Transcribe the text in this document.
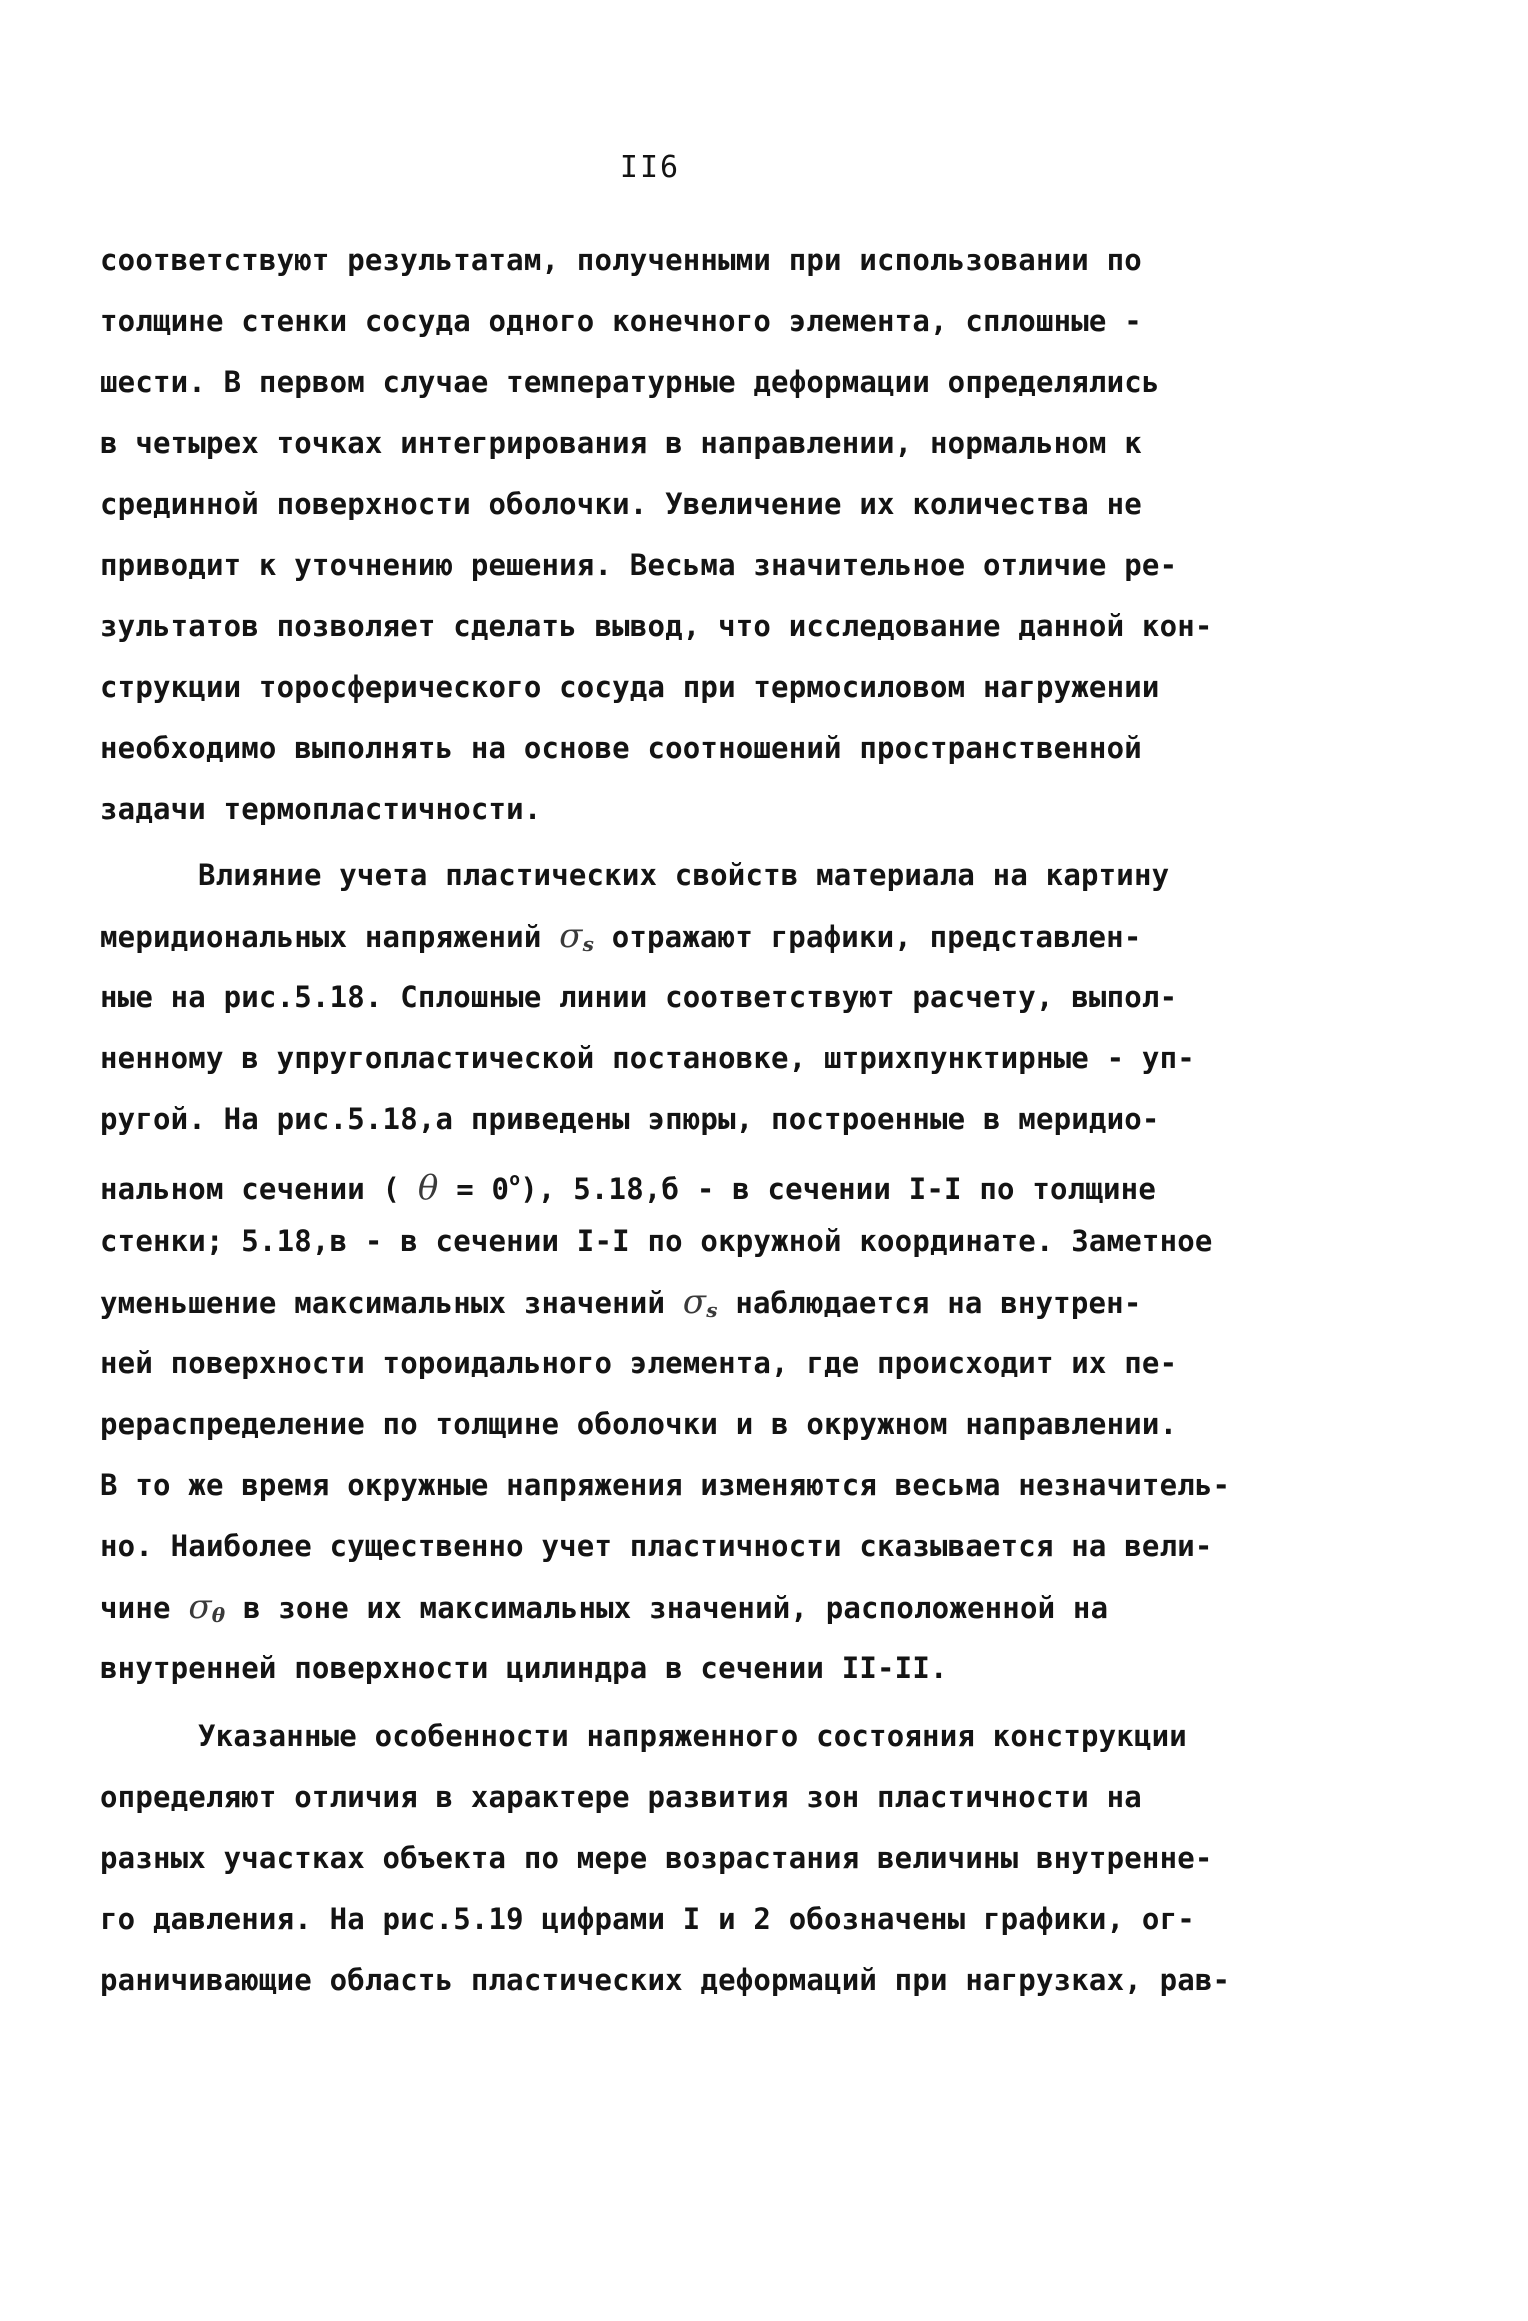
II6
соответствуют результатам, полученными при использовании по
толщине стенки сосуда одного конечного элемента, сплошные -
шести. В первом случае температурные деформации определялись
в четырех точках интегрирования в направлении, нормальном к
срединной поверхности оболочки. Увеличение их количества не
приводит к уточнению решения. Весьма значительное отличие ре-
зультатов позволяет сделать вывод, что исследование данной кон-
струкции торосферического сосуда при термосиловом нагружении
необходимо выполнять на основе соотношений пространственной
задачи термопластичности.
Влияние учета пластических свойств материала на картину
меридиональных напряжений $\sigma_s$ отражают графики, представлен-
ные на рис.5.18. Сплошные линии соответствуют расчету, выпол-
ненному в упругопластической постановке, штрихпунктирные - уп-
ругой. На рис.5.18,а приведены эпюры, построенные в меридио-
нальном сечении ( $\theta = 0^o$), 5.18,б - в сечении I-I по толщине
стенки; 5.18,в - в сечении I-I по окружной координате. Заметное
уменьшение максимальных значений $\sigma_s$ наблюдается на внутрен-
ней поверхности тороидального элемента, где происходит их пе-
рераспределение по толщине оболочки и в окружном направлении.
В то же время окружные напряжения изменяются весьма незначитель-
но. Наиболее существенно учет пластичности сказывается на вели-
чине $\sigma_\theta$ в зоне их максимальных значений, расположенной на
внутренней поверхности цилиндра в сечении II-II.
Указанные особенности напряженного состояния конструкции
определяют отличия в характере развития зон пластичности на
разных участках объекта по мере возрастания величины внутренне-
го давления. На рис.5.19 цифрами I и 2 обозначены графики, ог-
раничивающие область пластических деформаций при нагрузках, рав-
